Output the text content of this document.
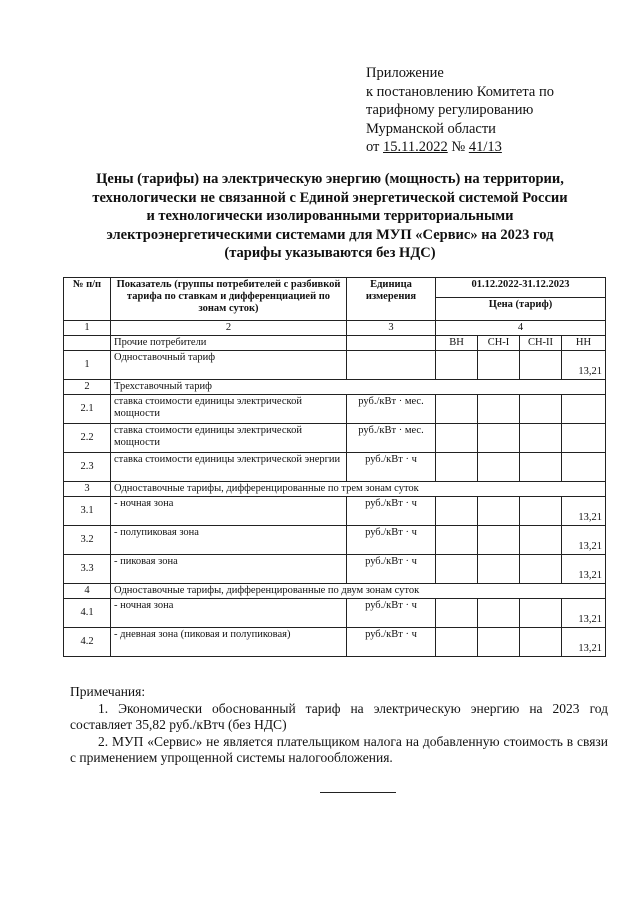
Приложение
к постановлению Комитета по
тарифному регулированию
Мурманской области
от 15.11.2022 № 41/13
Цены (тарифы) на электрическую энергию (мощность) на территории,
технологически не связанной с Единой энергетической системой России
и технологически изолированными территориальными
электроэнергетическими системами для МУП «Сервис» на 2023 год
(тарифы указываются без НДС)
№ п/п	Показатель (группы потребителей с разбивкой тарифа по ставкам и дифференциацией по зонам суток)	Единица измерения	01.12.2022-31.12.2023			
			Цена (тариф)			
1	2	3	4			
	Прочие потребители		ВН	СН-I	СН-II	НН
1	Одноставочный тариф					13,21
2	Трехставочный тариф					
2.1	ставка стоимости единицы электрической мощности	руб./кВт · мес.				
2.2	ставка стоимости единицы электрической мощности	руб./кВт · мес.				
2.3	ставка стоимости единицы электрической энергии	руб./кВт · ч				
3	Одноставочные тарифы, дифференцированные по трем зонам суток					
3.1	- ночная зона	руб./кВт · ч				13,21
3.2	- полупиковая зона	руб./кВт · ч				13,21
3.3	- пиковая зона	руб./кВт · ч				13,21
4	Одноставочные тарифы, дифференцированные по двум зонам суток					
4.1	- ночная зона	руб./кВт · ч				13,21
4.2	- дневная зона (пиковая и полупиковая)	руб./кВт · ч				13,21

Примечания:

1. Экономически обоснованный тариф на электрическую энергию на 2023 год составляет 35,82 руб./кВтч (без НДС)

2. МУП «Сервис» не является плательщиком налога на добавленную стоимость в связи с применением упрощенной системы налогообложения.
